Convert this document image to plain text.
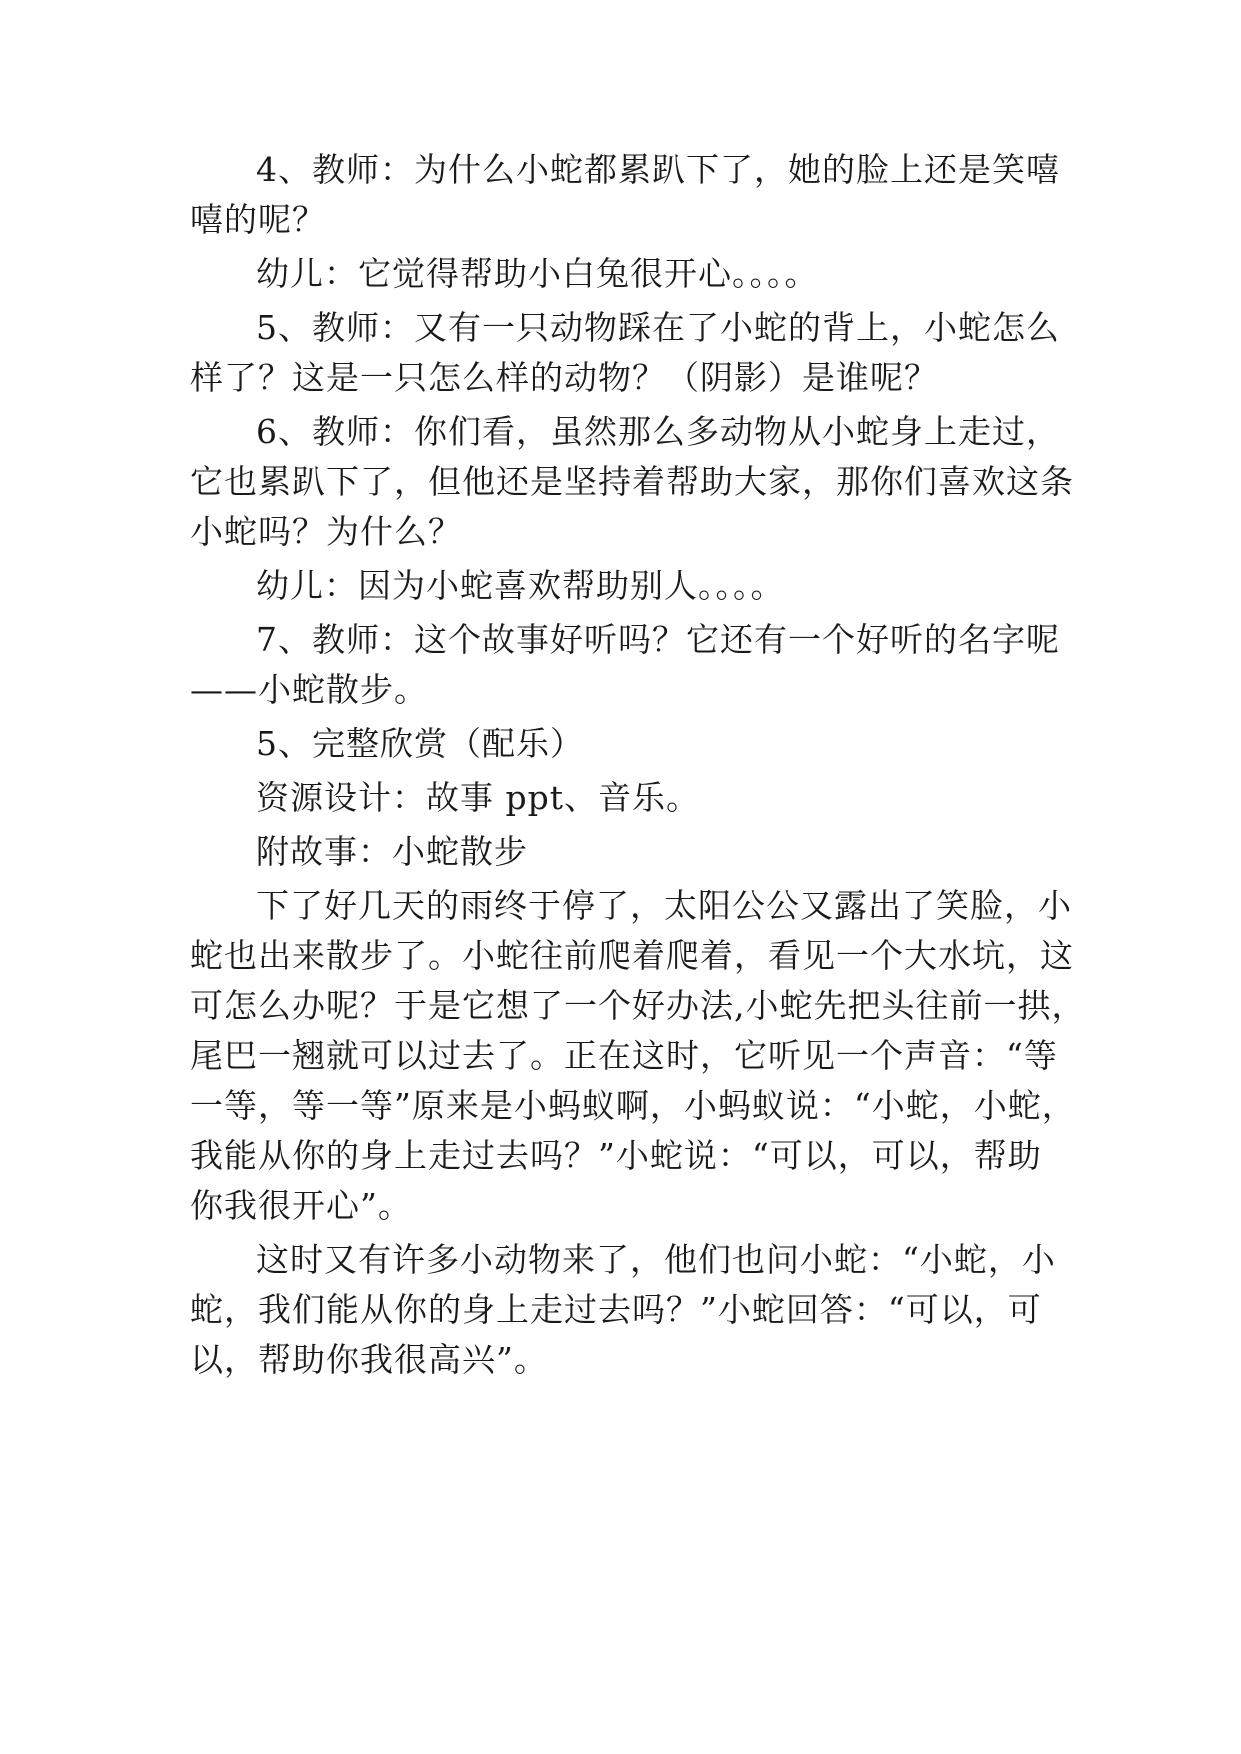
4、教师：为什么小蛇都累趴下了，她的脸上还是笑嘻
嘻的呢？
幼儿：它觉得帮助小白兔很开心。。。。
5、教师：又有一只动物踩在了小蛇的背上，小蛇怎么
样了？这是一只怎么样的动物？（阴影）是谁呢？
6、教师：你们看，虽然那么多动物从小蛇身上走过，
它也累趴下了，但他还是坚持着帮助大家，那你们喜欢这条
小蛇吗？为什么？
幼儿：因为小蛇喜欢帮助别人。。。。
7、教师：这个故事好听吗？它还有一个好听的名字呢
——小蛇散步。
5、完整欣赏（配乐）
资源设计：故事 ppt、音乐。
附故事：小蛇散步
下了好几天的雨终于停了，太阳公公又露出了笑脸，小
蛇也出来散步了。小蛇往前爬着爬着，看见一个大水坑，这
可怎么办呢？于是它想了一个好办法,小蛇先把头往前一拱，
尾巴一翘就可以过去了。正在这时，它听见一个声音：“等
一等，等一等”原来是小蚂蚁啊，小蚂蚁说：“小蛇，小蛇，
我能从你的身上走过去吗？”小蛇说：“可以，可以，帮助
你我很开心”。
这时又有许多小动物来了，他们也问小蛇：“小蛇，小
蛇，我们能从你的身上走过去吗？”小蛇回答：“可以，可
以，帮助你我很高兴”。
